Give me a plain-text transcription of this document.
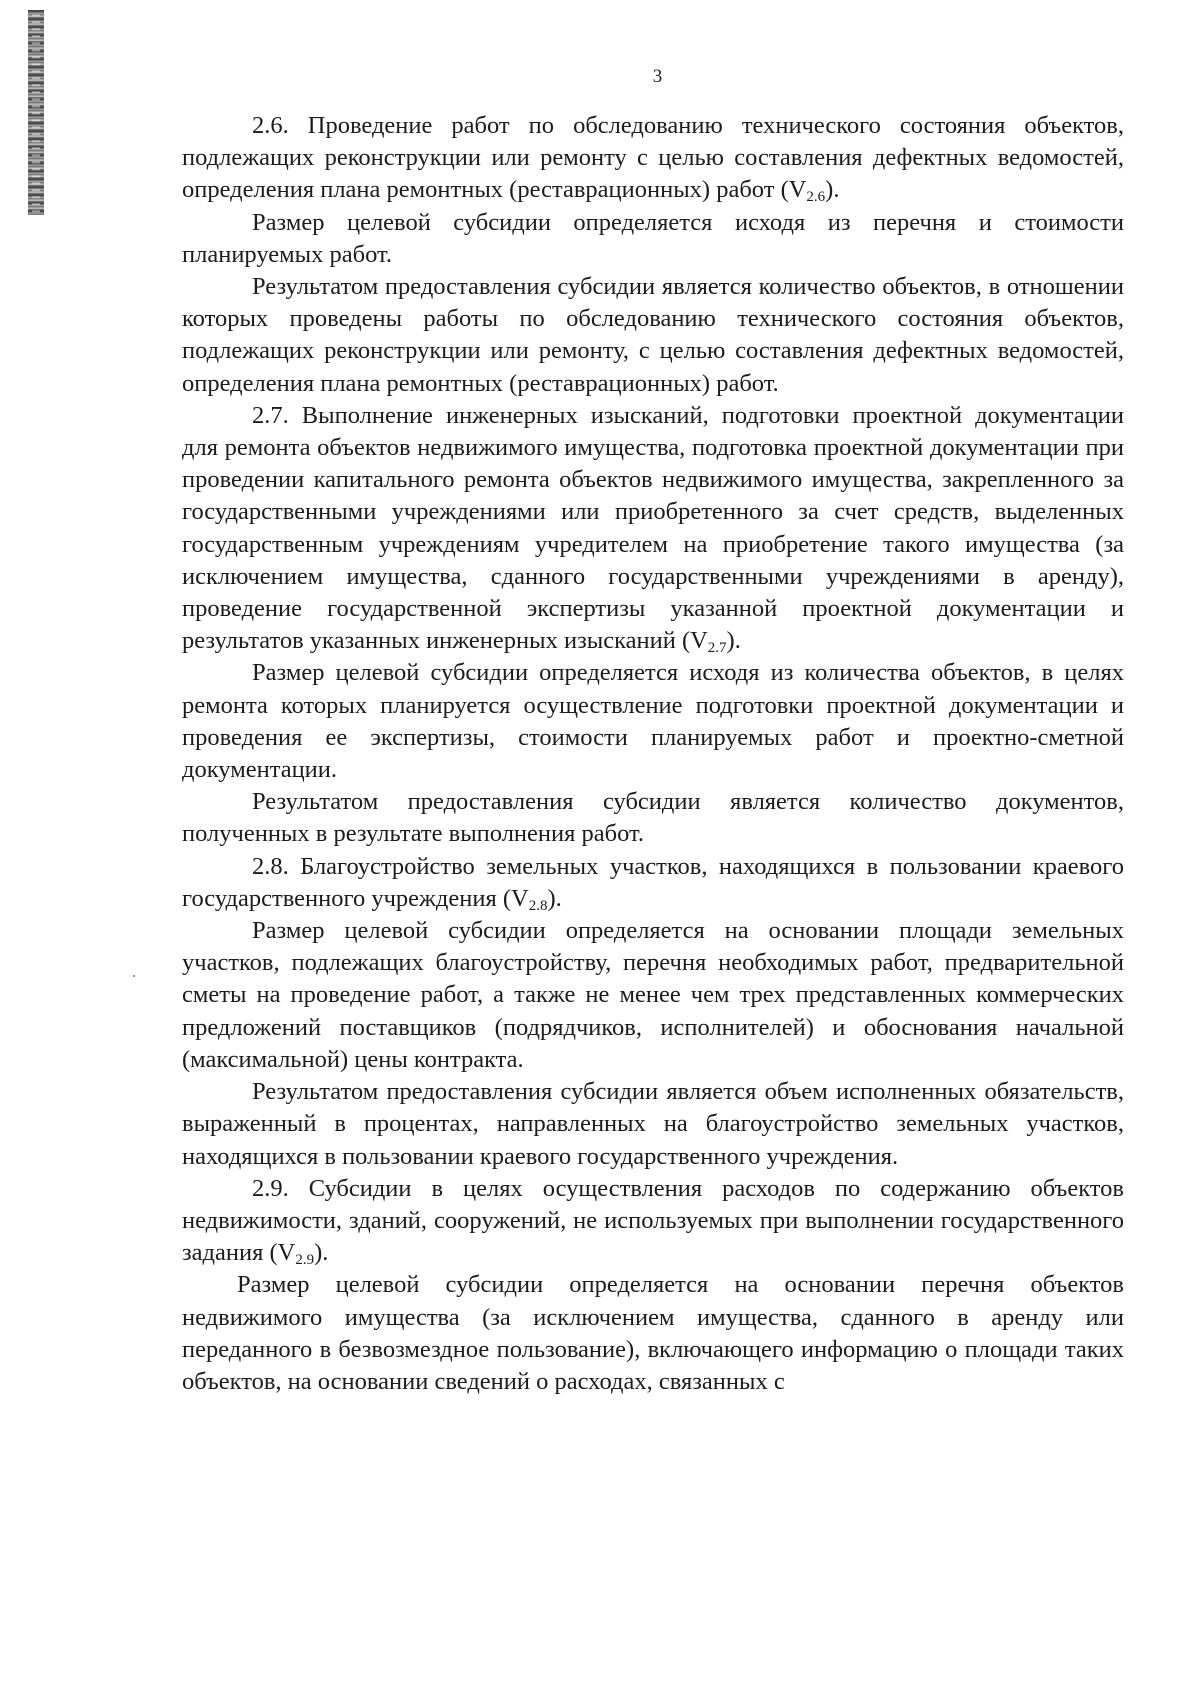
3

2.6. Проведение работ по обследованию технического состояния объектов, подлежащих реконструкции или ремонту с целью составления дефектных ведомостей, определения плана ремонтных (реставрационных) работ $(V_{2.6})$.

Размер целевой субсидии определяется исходя из перечня и стоимости планируемых работ.

Результатом предоставления субсидии является количество объектов, в отношении которых проведены работы по обследованию технического состояния объектов, подлежащих реконструкции или ремонту, с целью составления дефектных ведомостей, определения плана ремонтных (реставрационных) работ.

2.7. Выполнение инженерных изысканий, подготовки проектной документации для ремонта объектов недвижимого имущества, подготовка проектной документации при проведении капитального ремонта объектов недвижимого имущества, закрепленного за государственными учреждениями или приобретенного за счет средств, выделенных государственным учреждениям учредителем на приобретение такого имущества (за исключением имущества, сданного государственными учреждениями в аренду), проведение государственной экспертизы указанной проектной документации и результатов указанных инженерных изысканий $(V_{2.7})$.

Размер целевой субсидии определяется исходя из количества объектов, в целях ремонта которых планируется осуществление подготовки проектной документации и проведения ее экспертизы, стоимости планируемых работ и проектно-сметной документации.

Результатом предоставления субсидии является количество документов, полученных в результате выполнения работ.

2.8. Благоустройство земельных участков, находящихся в пользовании краевого государственного учреждения $(V_{2.8})$.

Размер целевой субсидии определяется на основании площади земельных участков, подлежащих благоустройству, перечня необходимых работ, предварительной сметы на проведение работ, а также не менее чем трех представленных коммерческих предложений поставщиков (подрядчиков, исполнителей) и обоснования начальной (максимальной) цены контракта.

Результатом предоставления субсидии является объем исполненных обязательств, выраженный в процентах, направленных на благоустройство земельных участков, находящихся в пользовании краевого государственного учреждения.

2.9. Субсидии в целях осуществления расходов по содержанию объектов недвижимости, зданий, сооружений, не используемых при выполнении государственного задания $(V_{2.9})$.

Размер целевой субсидии определяется на основании перечня объектов недвижимого имущества (за исключением имущества, сданного в аренду или переданного в безвозмездное пользование), включающего информацию о площади таких объектов, на основании сведений о расходах, связанных с
